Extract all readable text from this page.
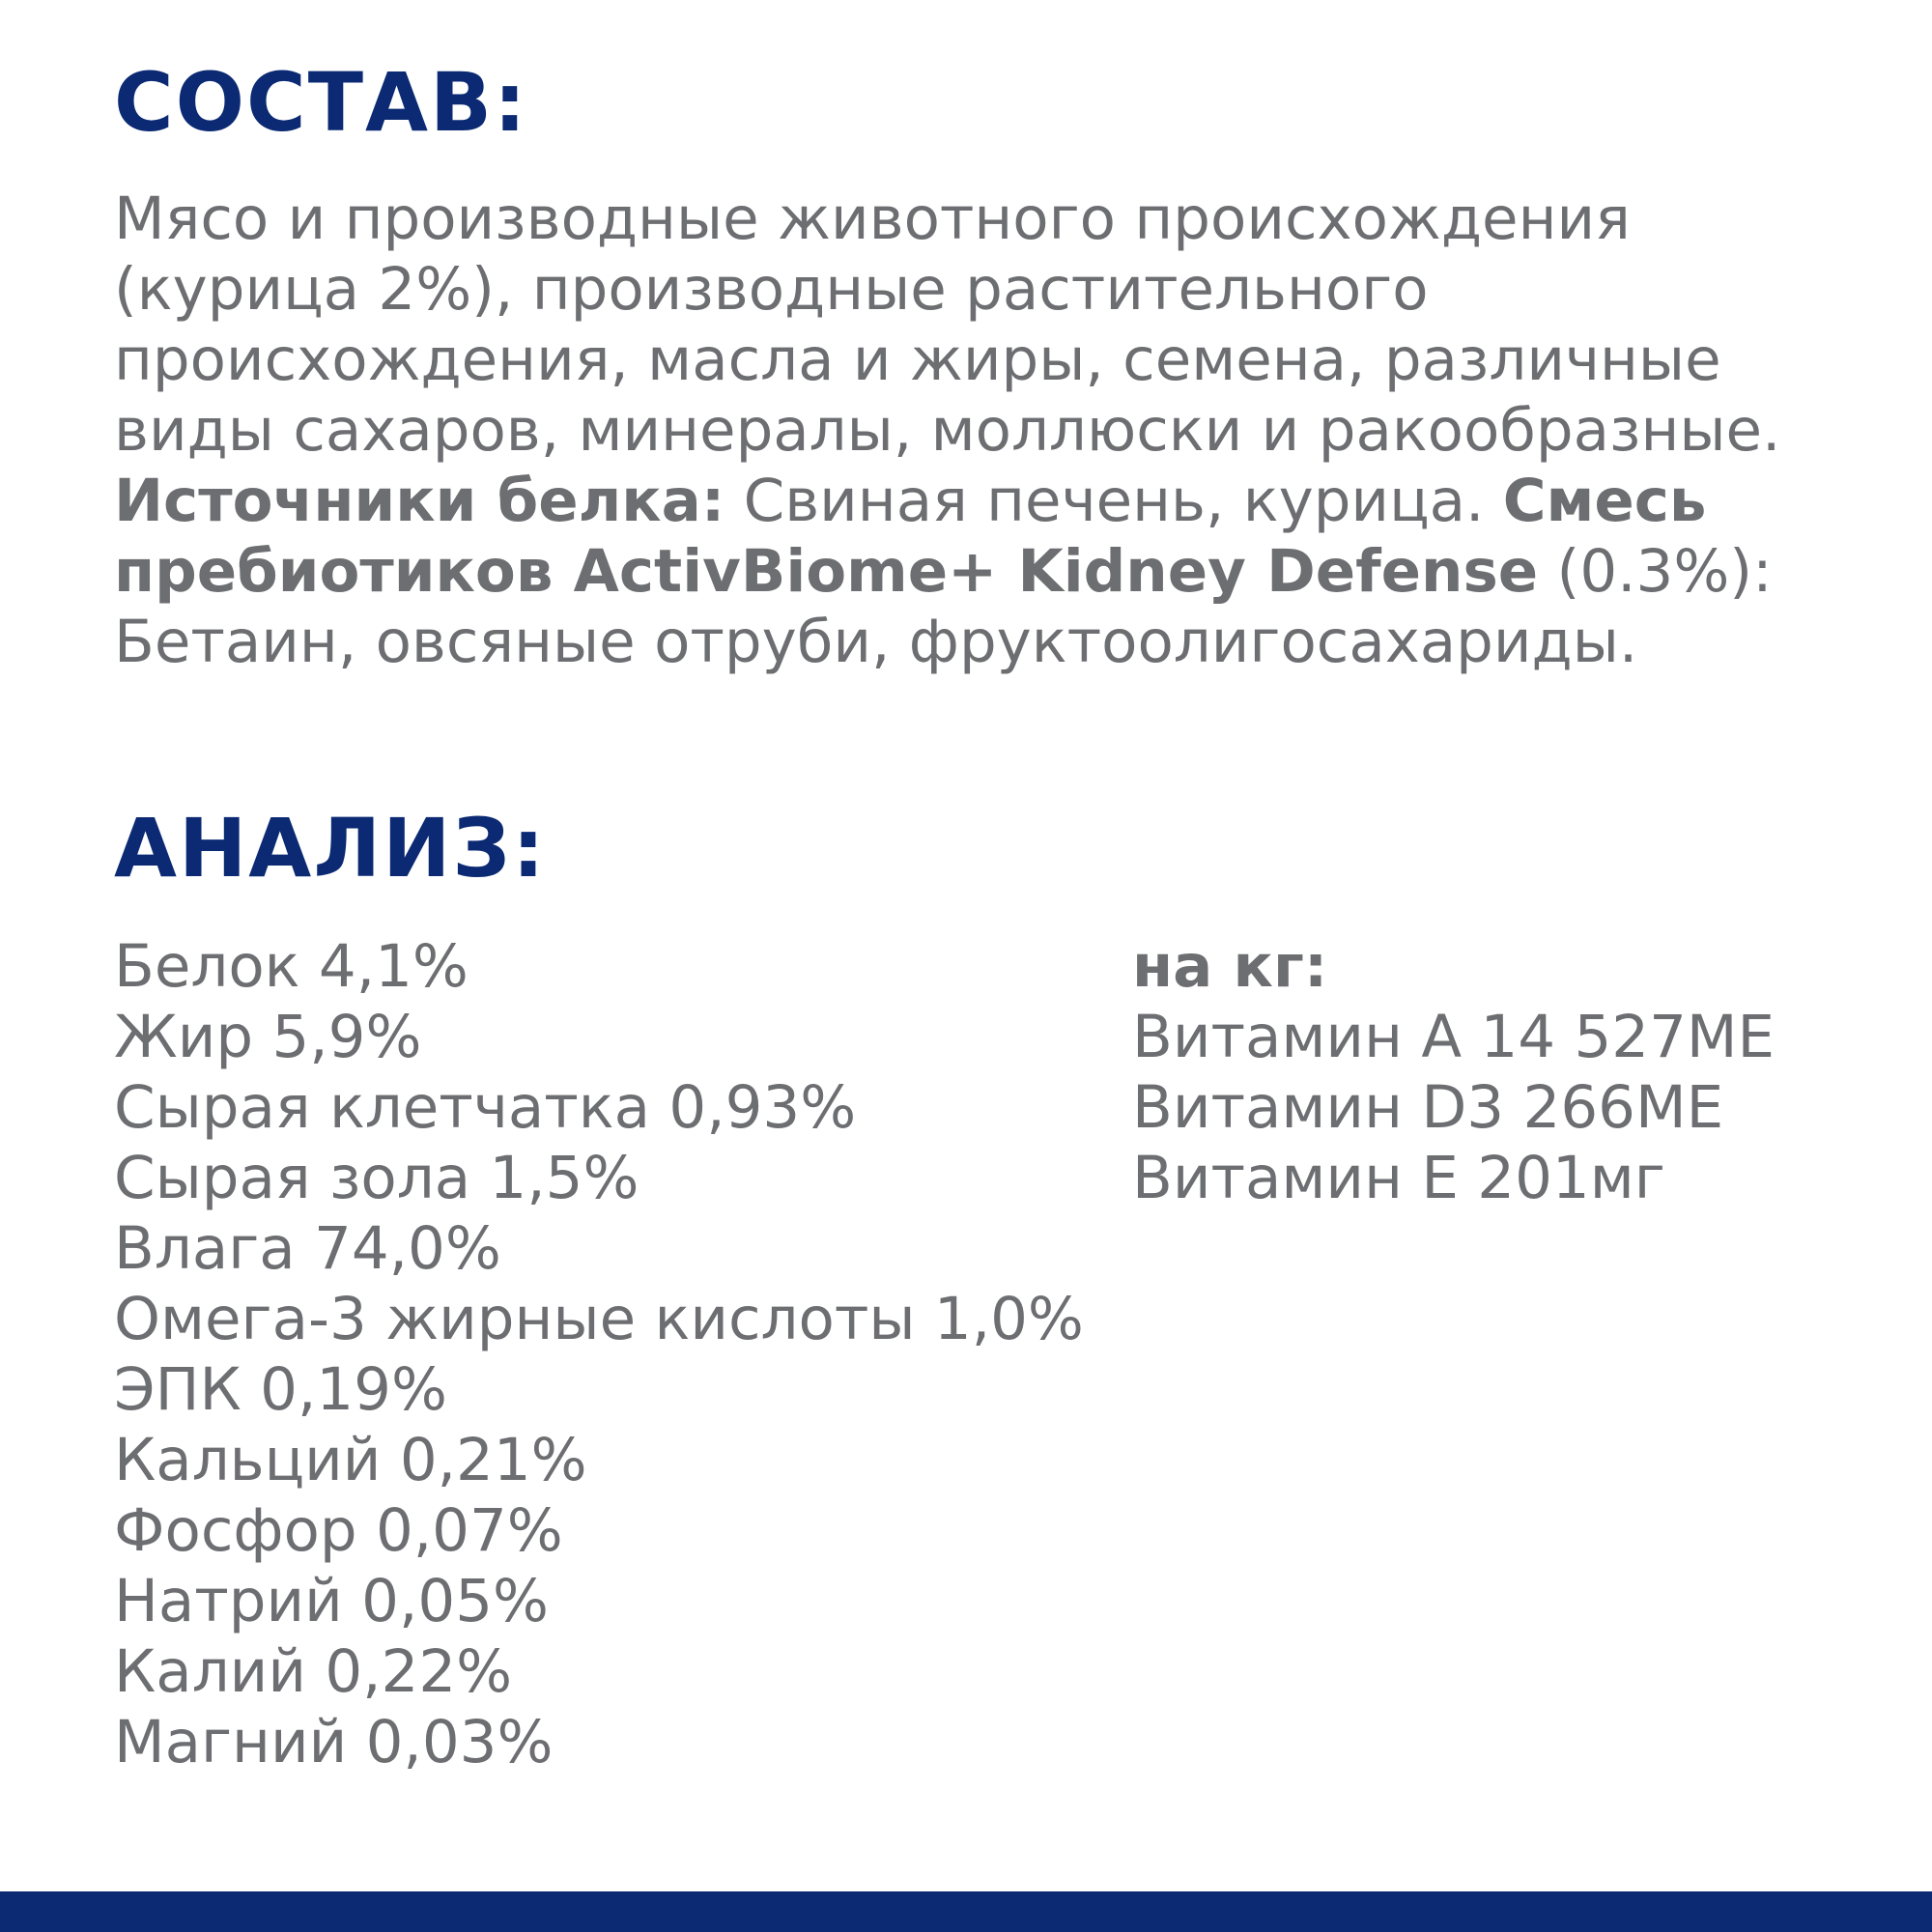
СОСТАВ:

Мясо и производные животного происхождения (курица 2%), производные растительного происхождения, масла и жиры, семена, различные виды сахаров, минералы, моллюски и ракообразные. Источники белка: Свиная печень, курица. Смесь пребиотиков ActivBiome+ Kidney Defense (0.3%): Бетаин, овсяные отруби, фруктоолигосахариды.

АНАЛИЗ:
Белок 4,1%
Жир 5,9%
Сырая клетчатка 0,93%
Сырая зола 1,5%
Влага 74,0%
Омега-3 жирные кислоты 1,0%
ЭПК 0,19%
Кальций 0,21%
Фосфор 0,07%
Натрий 0,05%
Калий 0,22%
Магний 0,03%
на кг:
Витамин А 14 527МЕ
Витамин D3 266МЕ
Витамин Е 201мг
